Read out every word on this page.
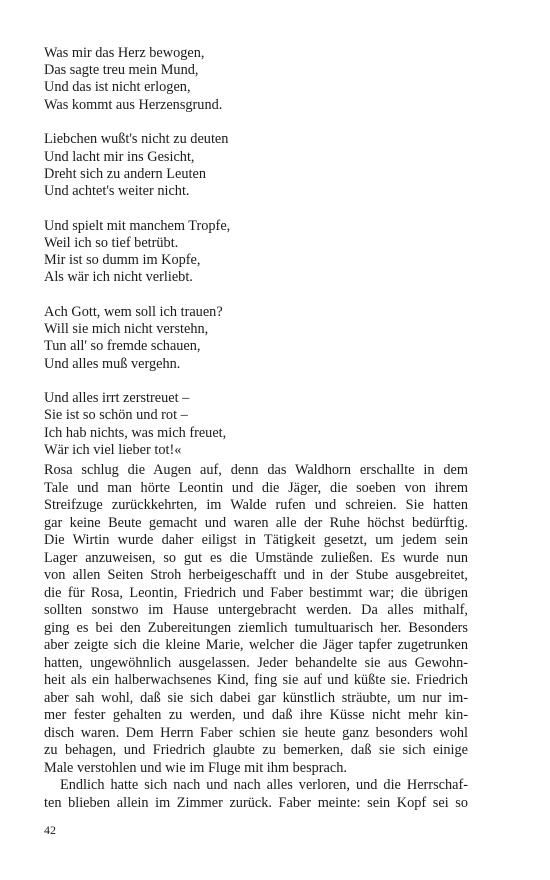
Was mir das Herz bewogen,
Das sagte treu mein Mund,
Und das ist nicht erlogen,
Was kommt aus Herzensgrund.
Liebchen wußt's nicht zu deuten
Und lacht mir ins Gesicht,
Dreht sich zu andern Leuten
Und achtet's weiter nicht.
Und spielt mit manchem Tropfe,
Weil ich so tief betrübt.
Mir ist so dumm im Kopfe,
Als wär ich nicht verliebt.
Ach Gott, wem soll ich trauen?
Will sie mich nicht verstehn,
Tun all' so fremde schauen,
Und alles muß vergehn.
Und alles irrt zerstreuet –
Sie ist so schön und rot –
Ich hab nichts, was mich freuet,
Wär ich viel lieber tot!«
Rosa schlug die Augen auf, denn das Waldhorn erschallte in dem
Tale und man hörte Leontin und die Jäger, die soeben von ihrem
Streifzuge zurückkehrten, im Walde rufen und schreien. Sie hatten
gar keine Beute gemacht und waren alle der Ruhe höchst bedürftig.
Die Wirtin wurde daher eiligst in Tätigkeit gesetzt, um jedem sein
Lager anzuweisen, so gut es die Umstände zuließen. Es wurde nun
von allen Seiten Stroh herbeigeschafft und in der Stube ausgebreitet,
die für Rosa, Leontin, Friedrich und Faber bestimmt war; die übrigen
sollten sonstwo im Hause untergebracht werden. Da alles mithalf,
ging es bei den Zubereitungen ziemlich tumultuarisch her. Besonders
aber zeigte sich die kleine Marie, welcher die Jäger tapfer zugetrunken
hatten, ungewöhnlich ausgelassen. Jeder behandelte sie aus Gewohn-
heit als ein halberwachsenes Kind, fing sie auf und küßte sie. Friedrich
aber sah wohl, daß sie sich dabei gar künstlich sträubte, um nur im-
mer fester gehalten zu werden, und daß ihre Küsse nicht mehr kin-
disch waren. Dem Herrn Faber schien sie heute ganz besonders wohl
zu behagen, und Friedrich glaubte zu bemerken, daß sie sich einige
Male verstohlen und wie im Fluge mit ihm besprach.
Endlich hatte sich nach und nach alles verloren, und die Herrschaf-
ten blieben allein im Zimmer zurück. Faber meinte: sein Kopf sei so
42
